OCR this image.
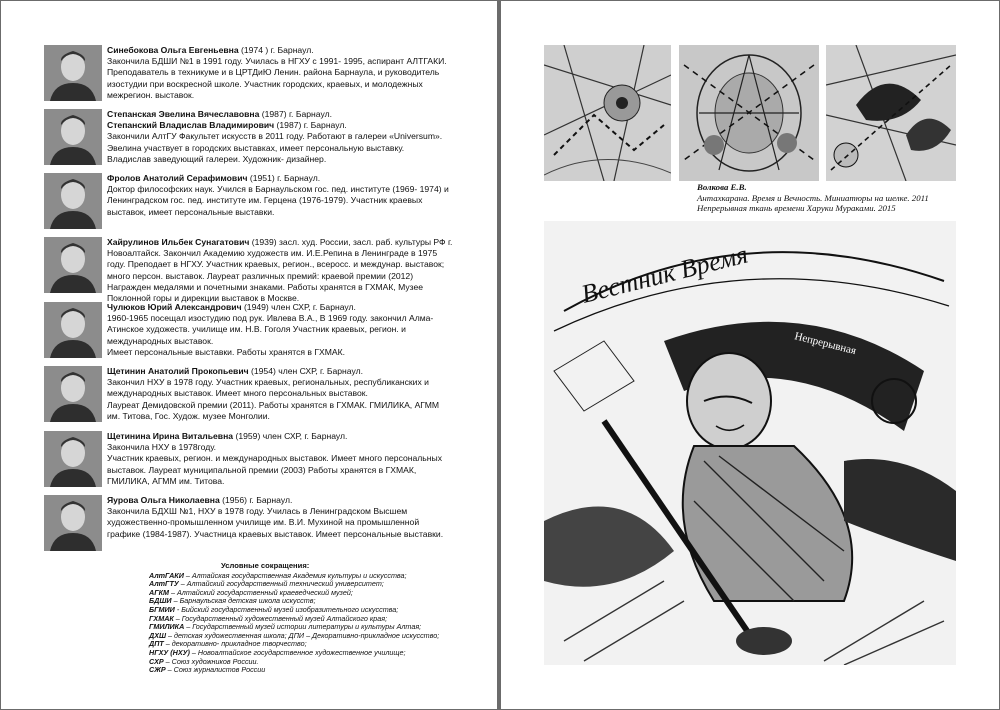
Синебокова Ольга Евгеньевна (1974 ) г. Барнаул.

Закончила БДШИ №1 в 1991 году. Училась в НГХУ с 1991- 1995, аспирант АЛТГАКИ.

Преподаватель в техникуме и в ЦРТДиЮ Ленин. района Барнаула, и руководитель

изостудии при воскресной школе. Участник городских, краевых, и молодежных

межрегион. выставок.

Степанская Эвелина Вячеславовна (1987) г. Барнаул.

Степанский Владислав Владимирович (1987) г. Барнаул.

Закончили АлтГУ Факультет искусств в 2011 году. Работают в галереи «Universum».

Эвелина участвует в городских выставках, имеет персональную выставку.

Владислав заведующий галереи. Художник- дизайнер.

Фролов Анатолий Серафимович (1951) г. Барнаул.

Доктор философских наук. Учился в Барнаульском гос. пед. институте (1969- 1974) и

Ленинградском гос. пед. институте им. Герцена (1976-1979). Участник краевых

выставок, имеет персональные выставки.

Хайрулинов Ильбек Сунагатович (1939) засл. худ. России, засл. раб. культуры РФ г.

Новоалтайск. Закончил Академию художеств им. И.Е.Репина в Ленинграде в 1975

году. Преподает в НГХУ. Участник краевых, регион., всеросс. и междунар. выставок;

много персон. выставок. Лауреат различных премий: краевой премии (2012)

Награжден медалями и почетными знаками. Работы хранятся в ГХМАК, Музее

Поклонной горы и дирекции выставок в Москве.

Чулюков Юрий Александрович (1949) член СХР, г. Барнаул.

1960-1965 посещал изостудию под рук. Ивлева В.А., В 1969 году. закончил Алма-

Атинское художеств. училище им. Н.В. Гоголя Участник краевых, регион. и

международных выставок.

Имеет персональные выставки. Работы хранятся в ГХМАК.

Щетинин Анатолий Прокопьевич (1954) член СХР, г. Барнаул.

Закончил НХУ в 1978 году. Участник краевых, региональных, республиканских и

международных выставок. Имеет много персональных выставок.

Лауреат Демидовской премии (2011). Работы хранятся в ГХМАК. ГМИЛИКА, АГММ

им. Титова, Гос. Худож. музее Монголии.

Щетинина Ирина Витальевна (1959) член СХР, г. Барнаул.

Закончила НХУ в 1978году.

Участник краевых, регион. и международных выставок. Имеет много персональных

выставок. Лауреат муниципальной премии (2003) Работы хранятся в ГХМАК,

ГМИЛИКА, АГММ им. Титова.

Яурова Ольга Николаевна (1956) г. Барнаул.

Закончила БДХШ №1, НХУ в 1978 году. Училась в Ленинградском Высшем

художественно-промышленном училище им. В.И. Мухиной на промышленной

графике (1984-1987). Участница краевых выставок. Имеет персональные выставки.

Условные сокращения:
АлтГАКИ – Алтайская государственная Академия культуры и искусства;
АлтГТУ – Алтайский государственный технический университет;
АГКМ – Алтайский государственный краеведческий музей;
БДШИ – Барнаульская детская школа искусств;
БГМИИ - Бийский государственный музей изобразительного искусства;
ГХМАК – Государственный художественный музей Алтайского края;
ГМИЛИКА – Государственный музей истории литературы и культуры Алтая;
ДХШ – детская художественная школа; ДПИ – Декоративно-прикладное искусство;
ДПТ – декоративно- прикладное творчество;
НГХУ (НХУ) – Новоалтайское государственное художественное училище;
СХР – Союз художников России.
СЖР – Союз журналистов России
Волкова Е.В.
Антахкарана. Время и Вечность. Миниатюры на шелке. 2011
Непрерывная ткань времени Харуки Мураками. 2015
Вестник Время
Непрерывная
